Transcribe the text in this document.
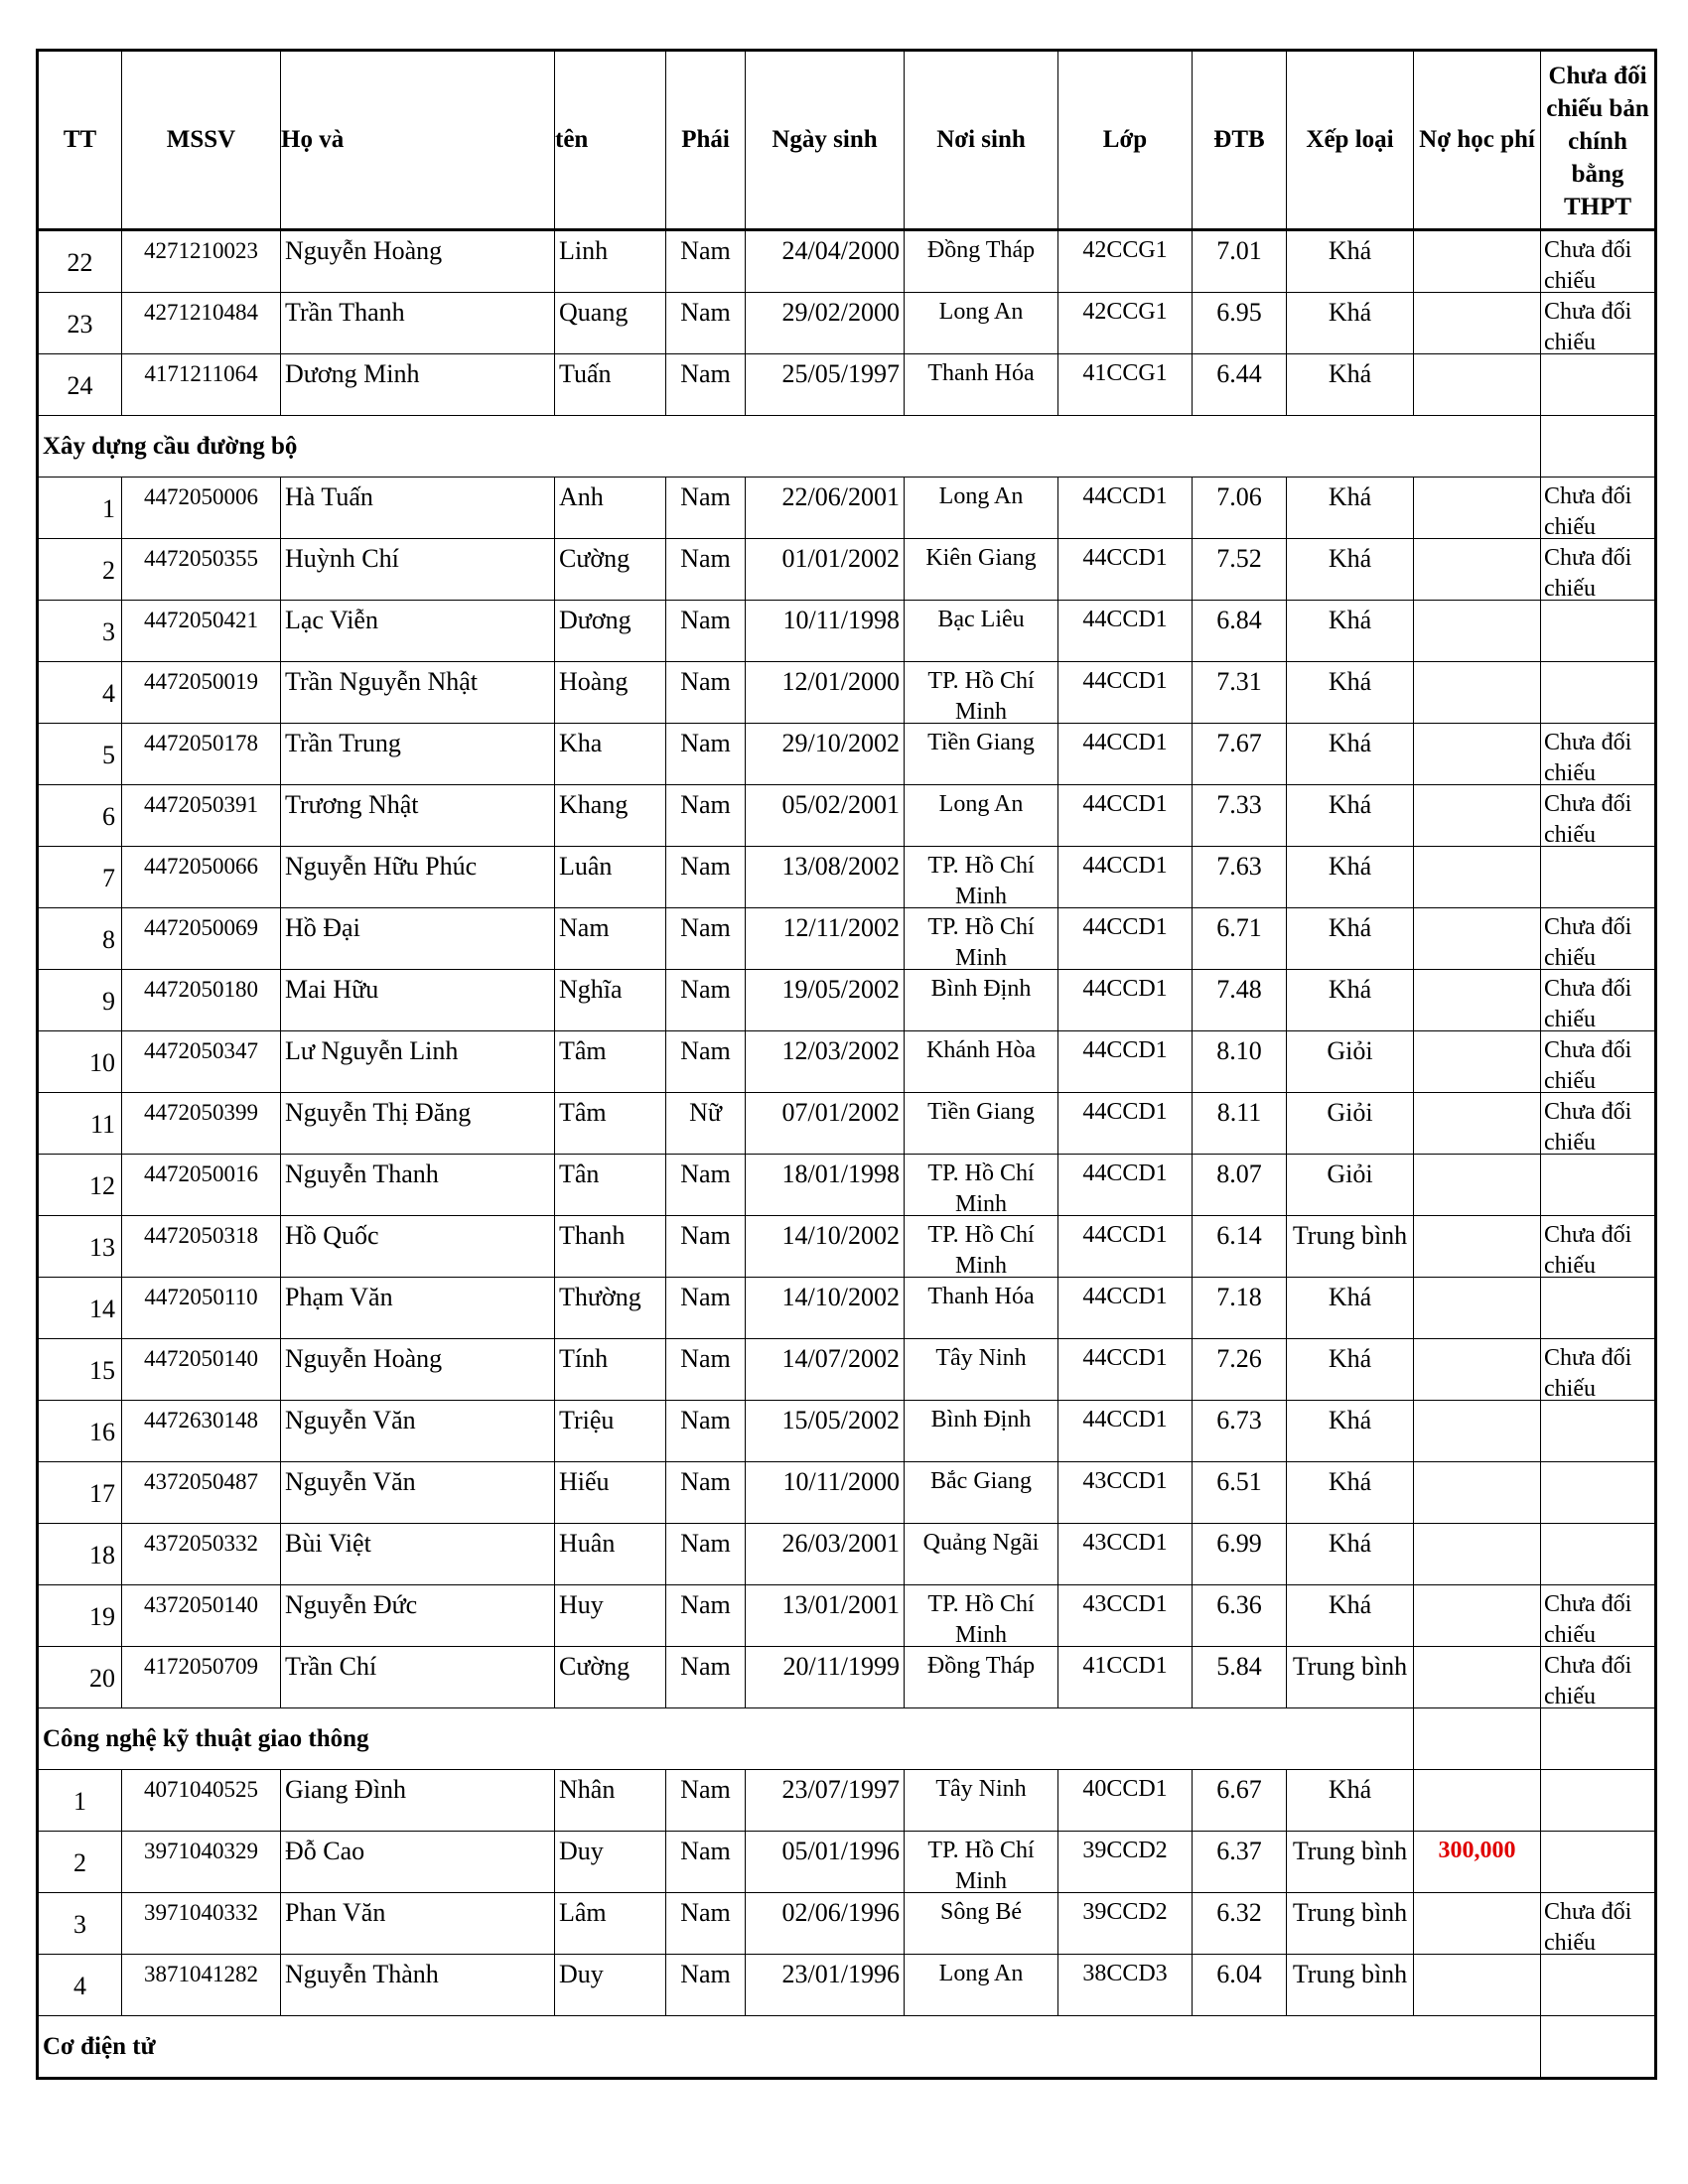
TT	MSSV	Họ và	tên	Phái	Ngày sinh	Nơi sinh	Lớp	ĐTB	Xếp loại	Nợ học phí	Chưa đối chiếu bản chính bằng THPT

22	4271210023	Nguyễn Hoàng	Linh	Nam	24/04/2000	Đồng Tháp	42CCG1	7.01	Khá		Chưa đối chiếu

23	4271210484	Trần Thanh	Quang	Nam	29/02/2000	Long An	42CCG1	6.95	Khá		Chưa đối chiếu

24	4171211064	Dương Minh	Tuấn	Nam	25/05/1997	Thanh Hóa	41CCG1	6.44	Khá		

Xây dựng cầu đường bộ											

1	4472050006	Hà Tuấn	Anh	Nam	22/06/2001	Long An	44CCD1	7.06	Khá		Chưa đối chiếu

2	4472050355	Huỳnh Chí	Cường	Nam	01/01/2002	Kiên Giang	44CCD1	7.52	Khá		Chưa đối chiếu

3	4472050421	Lạc Viễn	Dương	Nam	10/11/1998	Bạc Liêu	44CCD1	6.84	Khá		

4	4472050019	Trần Nguyễn Nhật	Hoàng	Nam	12/01/2000	TP. Hồ Chí Minh	44CCD1	7.31	Khá		

5	4472050178	Trần Trung	Kha	Nam	29/10/2002	Tiền Giang	44CCD1	7.67	Khá		Chưa đối chiếu

6	4472050391	Trương Nhật	Khang	Nam	05/02/2001	Long An	44CCD1	7.33	Khá		Chưa đối chiếu

7	4472050066	Nguyễn Hữu Phúc	Luân	Nam	13/08/2002	TP. Hồ Chí Minh	44CCD1	7.63	Khá		

8	4472050069	Hồ Đại	Nam	Nam	12/11/2002	TP. Hồ Chí Minh	44CCD1	6.71	Khá		Chưa đối chiếu

9	4472050180	Mai Hữu	Nghĩa	Nam	19/05/2002	Bình Định	44CCD1	7.48	Khá		Chưa đối chiếu

10	4472050347	Lư Nguyễn Linh	Tâm	Nam	12/03/2002	Khánh Hòa	44CCD1	8.10	Giỏi		Chưa đối chiếu

11	4472050399	Nguyễn Thị Đăng	Tâm	Nữ	07/01/2002	Tiền Giang	44CCD1	8.11	Giỏi		Chưa đối chiếu

12	4472050016	Nguyễn Thanh	Tân	Nam	18/01/1998	TP. Hồ Chí Minh	44CCD1	8.07	Giỏi		

13	4472050318	Hồ Quốc	Thanh	Nam	14/10/2002	TP. Hồ Chí Minh	44CCD1	6.14	Trung bình		Chưa đối chiếu

14	4472050110	Phạm Văn	Thường	Nam	14/10/2002	Thanh Hóa	44CCD1	7.18	Khá		

15	4472050140	Nguyễn Hoàng	Tính	Nam	14/07/2002	Tây Ninh	44CCD1	7.26	Khá		Chưa đối chiếu

16	4472630148	Nguyễn Văn	Triệu	Nam	15/05/2002	Bình Định	44CCD1	6.73	Khá		

17	4372050487	Nguyễn Văn	Hiếu	Nam	10/11/2000	Bắc Giang	43CCD1	6.51	Khá		

18	4372050332	Bùi Việt	Huân	Nam	26/03/2001	Quảng Ngãi	43CCD1	6.99	Khá		

19	4372050140	Nguyễn Đức	Huy	Nam	13/01/2001	TP. Hồ Chí Minh	43CCD1	6.36	Khá		Chưa đối chiếu

20	4172050709	Trần Chí	Cường	Nam	20/11/1999	Đồng Tháp	41CCD1	5.84	Trung bình		Chưa đối chiếu

Công nghệ kỹ thuật giao thông											

1	4071040525	Giang Đình	Nhân	Nam	23/07/1997	Tây Ninh	40CCD1	6.67	Khá		

2	3971040329	Đỗ Cao	Duy	Nam	05/01/1996	TP. Hồ Chí Minh	39CCD2	6.37	Trung bình	300,000	

3	3971040332	Phan Văn	Lâm	Nam	02/06/1996	Sông Bé	39CCD2	6.32	Trung bình		Chưa đối chiếu

4	3871041282	Nguyễn Thành	Duy	Nam	23/01/1996	Long An	38CCD3	6.04	Trung bình		

Cơ điện tử											
